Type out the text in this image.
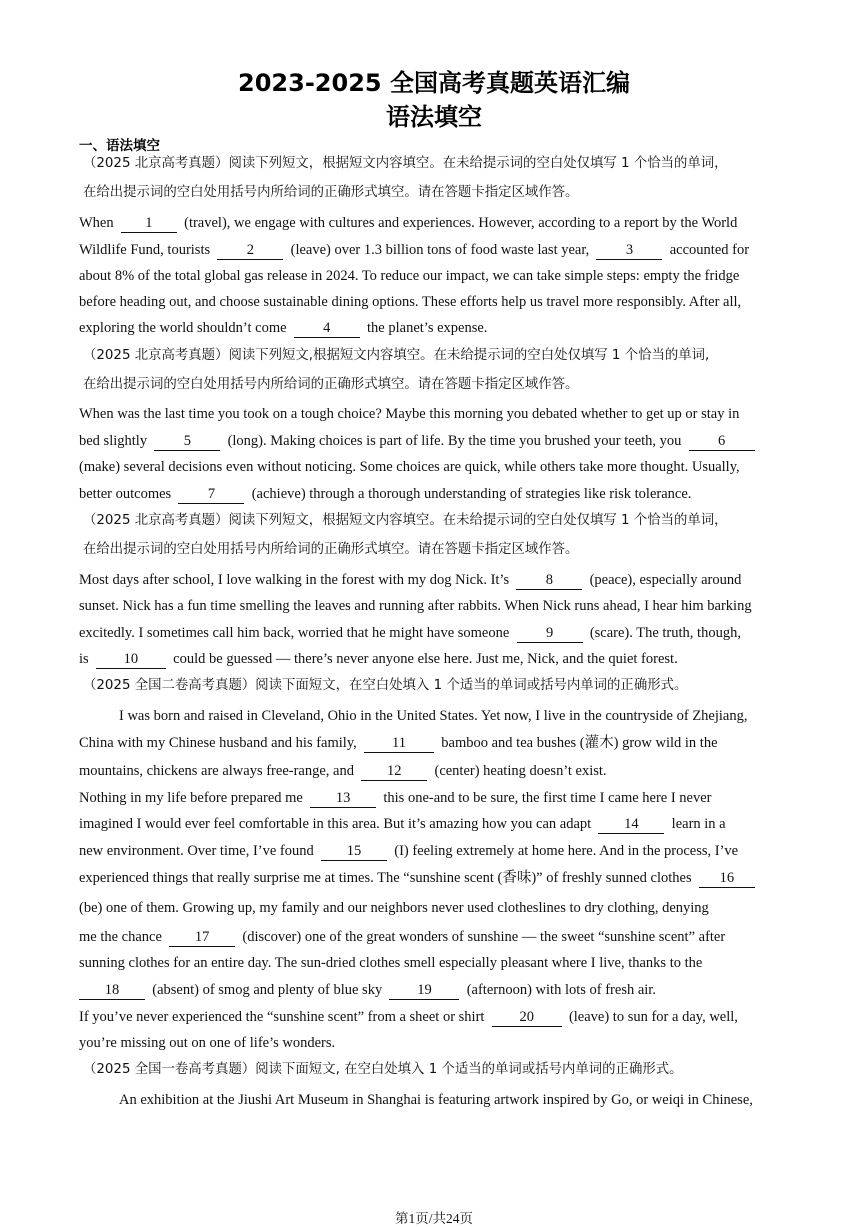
2023-2025 全国高考真题英语汇编
语法填空
一、语法填空
（2025 北京高考真题）阅读下列短文，根据短文内容填空。在未给提示词的空白处仅填写 1 个恰当的单词，
在给出提示词的空白处用括号内所给词的正确形式填空。请在答题卡指定区域作答。
When 1 (travel), we engage with cultures and experiences. However, according to a report by the World
Wildlife Fund, tourists	2	(leave) over 1.3 billion tons of food waste last year,	3	accounted for
about 8% of the total global gas release in 2024. To reduce our impact, we can take simple steps: empty the fridge
before heading out, and choose sustainable dining options. These efforts help us travel more responsibly. After all,
exploring the world shouldn’t come	4	the planet’s expense.
（2025 北京高考真题）阅读下列短文,根据短文内容填空。在未给提示词的空白处仅填写 1 个恰当的单词,
在给出提示词的空白处用括号内所给词的正确形式填空。请在答题卡指定区域作答。
When was the last time you took on a tough choice? Maybe this morning you debated whether to get up or stay in
bed slightly	5	(long). Making choices is part of life. By the time you brushed your teeth, you	6
(make) several decisions even without noticing. Some choices are quick, while others take more thought. Usually,
better outcomes	7	(achieve) through a thorough understanding of strategies like risk tolerance.
（2025 北京高考真题）阅读下列短文，根据短文内容填空。在未给提示词的空白处仅填写 1 个恰当的单词，
在给出提示词的空白处用括号内所给词的正确形式填空。请在答题卡指定区域作答。
Most days after school, I love walking in the forest with my dog Nick. It’s	8	(peace), especially around
sunset. Nick has a fun time smelling the leaves and running after rabbits. When Nick runs ahead, I hear him barking
excitedly. I sometimes call him back, worried that he might have someone	9	(scare). The truth, though,
is 10 could be guessed — there’s never anyone else here. Just me, Nick, and the quiet forest.
（2025 全国二卷高考真题）阅读下面短文，在空白处填入 1 个适当的单词或括号内单词的正确形式。
I was born and raised in Cleveland, Ohio in the United States. Yet now, I live in the countryside of Zhejiang,
China with my Chinese husband and his family, 11 bamboo and tea bushes (灌木) grow wild in the
mountains, chickens are always free-range, and 12 (center) heating doesn’t exist.
Nothing in my life before prepared me 13 this one-and to be sure, the first time I came here I never
imagined I would ever feel comfortable in this area. But it’s amazing how you can adapt 14 learn in a
new environment. Over time, I’ve found 15 (I) feeling extremely at home here. And in the process, I’ve
experienced things that really surprise me at times. The “sunshine scent (香味)” of freshly sunned clothes 16
(be) one of them. Growing up, my family and our neighbors never used clotheslines to dry clothing, denying
me the chance 17 (discover) one of the great wonders of sunshine — the sweet “sunshine scent” after
sunning clothes for an entire day. The sun-dried clothes smell especially pleasant where I live, thanks to the
18 (absent) of smog and plenty of blue sky 19 (afternoon) with lots of fresh air.
If you’ve never experienced the “sunshine scent” from a sheet or shirt 20 (leave) to sun for a day, well,
you’re missing out on one of life’s wonders.
（2025 全国一卷高考真题）阅读下面短文, 在空白处填入 1 个适当的单词或括号内单词的正确形式。
An exhibition at the Jiushi Art Museum in Shanghai is featuring artwork inspired by Go, or weiqi in Chinese,
第1页/共24页
